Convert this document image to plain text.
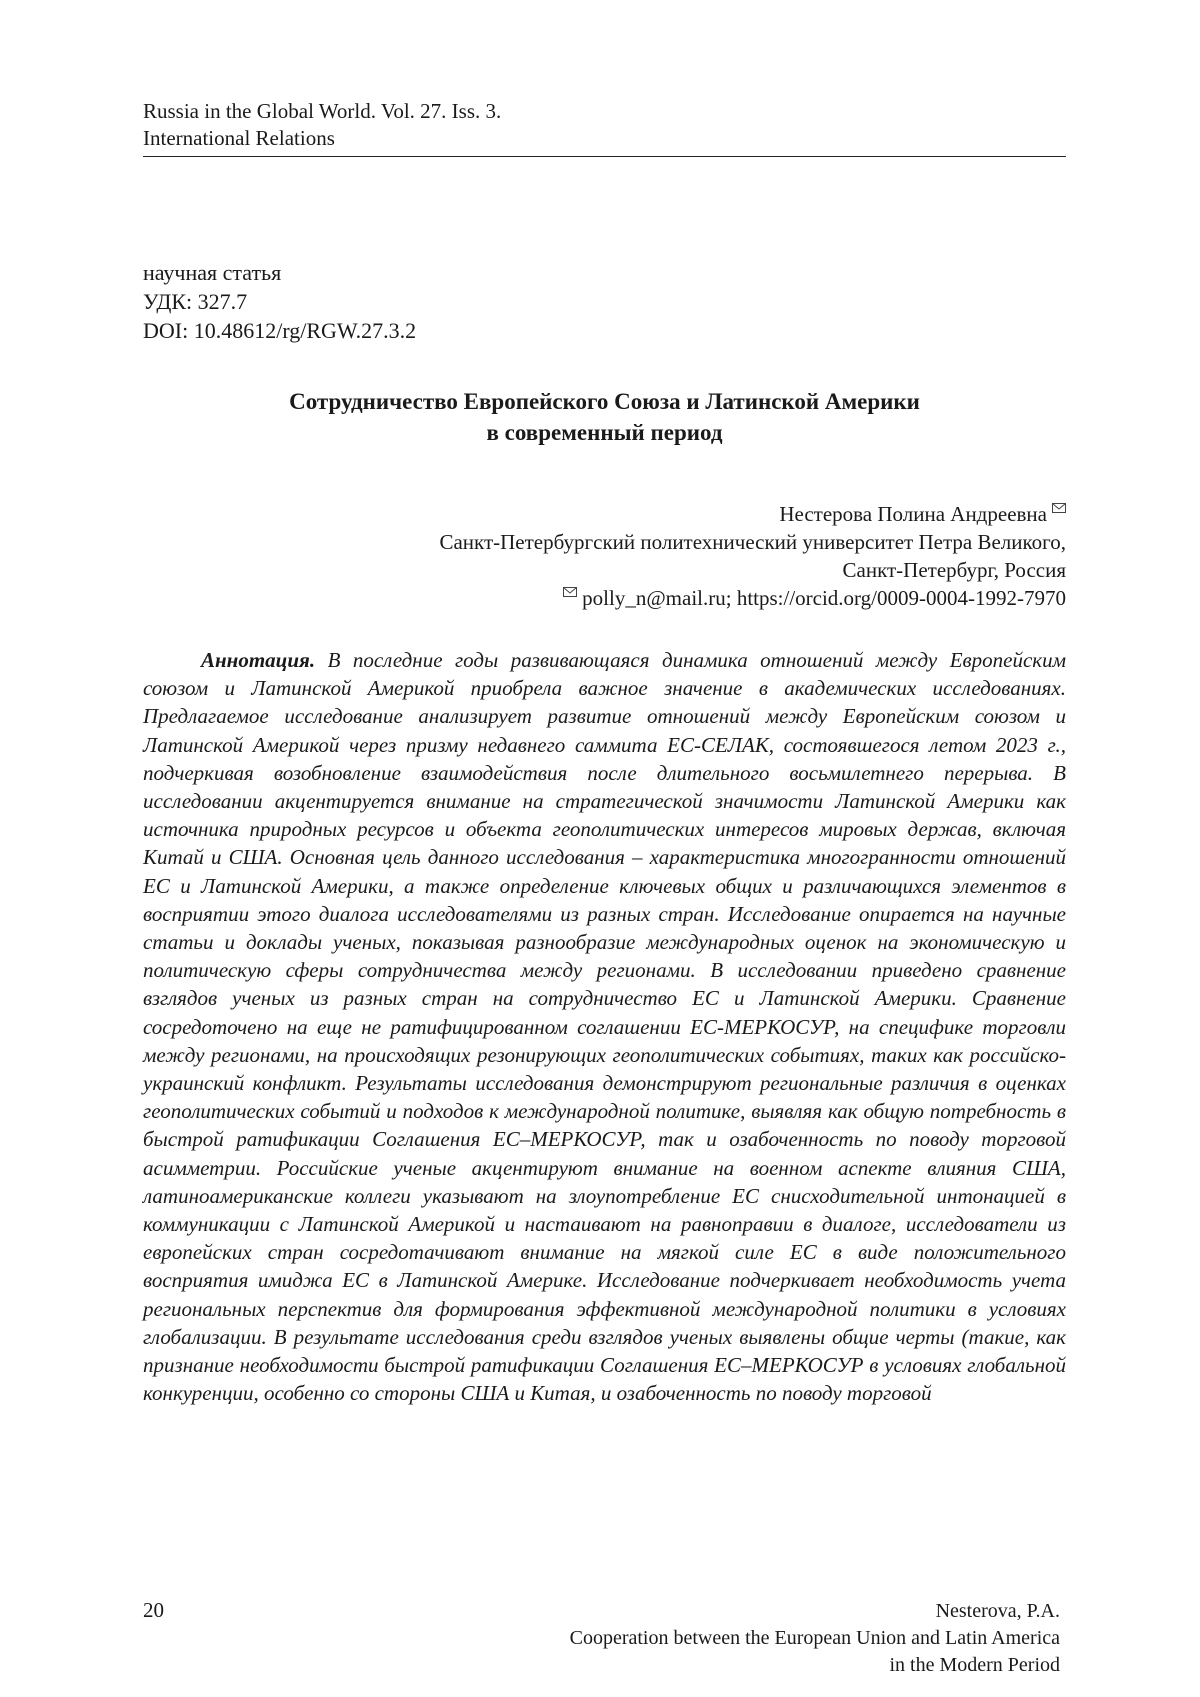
Russia in the Global World. Vol. 27. Iss. 3.
International Relations
научная статья
УДК: 327.7
DOI: 10.48612/rg/RGW.27.3.2
Сотрудничество Европейского Союза и Латинской Америки
в современный период
Нестерова Полина Андреевна
Санкт-Петербургский политехнический университет Петра Великого,
Санкт-Петербург, Россия
polly_n@mail.ru; https://orcid.org/0009-0004-1992-7970

Аннотация. В последние годы развивающаяся динамика отношений между Европейским союзом и Латинской Америкой приобрела важное значение в академических исследованиях. Предлагаемое исследование анализирует развитие отношений между Европейским союзом и Латинской Америкой через призму недавнего саммита ЕС-СЕЛАК, состоявшегося летом 2023 г., подчеркивая возобновление взаимодействия после длительного восьмилетнего перерыва. В исследовании акцентируется внимание на стратегической значимости Латинской Америки как источника природных ресурсов и объекта геополитических интересов мировых держав, включая Китай и США. Основная цель данного исследования – характеристика многогранности отношений ЕС и Латинской Америки, а также определение ключевых общих и различающихся элементов в восприятии этого диалога исследователями из разных стран. Исследование опирается на научные статьи и доклады ученых, показывая разнообразие международных оценок на экономическую и политическую сферы сотрудничества между регионами. В исследовании приведено сравнение взглядов ученых из разных стран на сотрудничество ЕС и Латинской Америки. Сравнение сосредоточено на еще не ратифицированном соглашении ЕС-МЕРКОСУР, на специфике торговли между регионами, на происходящих резонирующих геополитических событиях, таких как российско-украинский конфликт. Результаты исследования демонстрируют региональные различия в оценках геополитических событий и подходов к международной политике, выявляя как общую потребность в быстрой ратификации Соглашения ЕС–МЕРКОСУР, так и озабоченность по поводу торговой асимметрии. Российские ученые акцентируют внимание на военном аспекте влияния США, латиноамериканские коллеги указывают на злоупотребление ЕС снисходительной интонацией в коммуникации с Латинской Америкой и настаивают на равноправии в диалоге, исследователи из европейских стран сосредотачивают внимание на мягкой силе ЕС в виде положительного восприятия имиджа ЕС в Латинской Америке. Исследование подчеркивает необходимость учета региональных перспектив для формирования эффективной международной политики в условиях глобализации. В результате исследования среди взглядов ученых выявлены общие черты (такие, как признание необходимости быстрой ратификации Соглашения ЕС–МЕРКОСУР в условиях глобальной конкуренции, особенно со стороны США и Китая, и озабоченность по поводу торговой

20	Nesterova, P.A.
Cooperation between the European Union and Latin America
in the Modern Period
